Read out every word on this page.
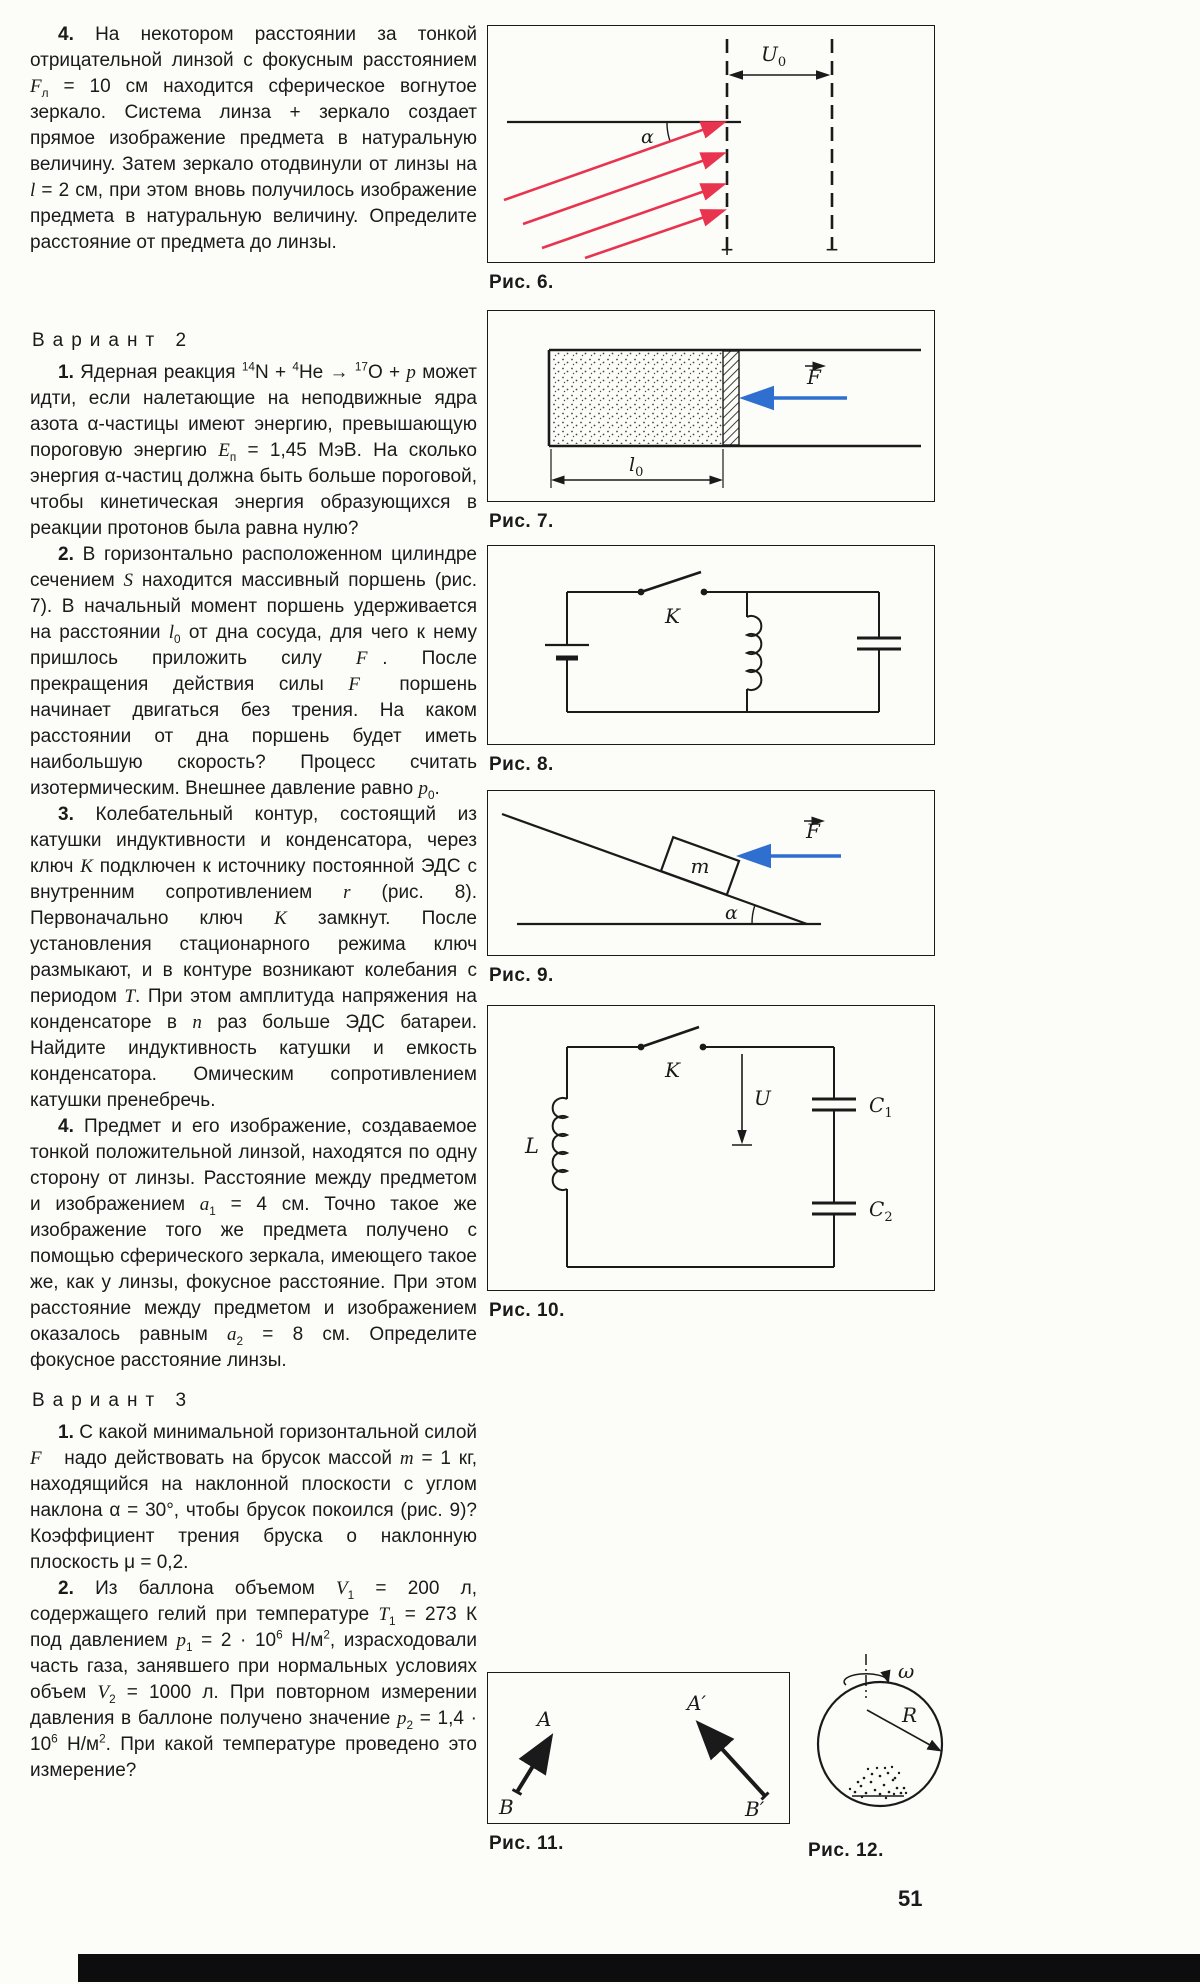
4. На некотором расстоянии за тонкой отрицательной линзой с фокусным расстоянием $F_л = 10$ см находится сферическое вогнутое зеркало. Система линза + зеркало создает прямое изображение предмета в натуральную величину. Затем зеркало отодвинули от линзы на l = 2 см, при этом вновь получилось изображение предмета в натуральную величину. Определите расстояние от предмета до линзы.

Вариант 2

1. Ядерная реакция $^{14}$N + $^4$He → $^{17}$O + p может идти, если налетающие на неподвижные ядра азота α-частицы имеют энергию, превышающую пороговую энергию $E_п = 1,45$ МэВ. На сколько энергия α-частиц должна быть больше пороговой, чтобы кинетическая энергия образующихся в реакции протонов была равна нулю?

2. В горизонтально расположенном цилиндре сечением S находится массивный поршень (рис. 7). В начальный момент поршень удерживается на расстоянии $l_0$ от дна сосуда, для чего к нему пришлось приложить силу F⃗. После прекращения действия силы F⃗ поршень начинает двигаться без трения. На каком расстоянии от дна поршень будет иметь наибольшую скорость? Процесс считать изотермическим. Внешнее давление равно $p_0$.

3. Колебательный контур, состоящий из катушки индуктивности и конденсатора, через ключ K подключен к источнику постоянной ЭДС с внутренним сопротивлением r (рис. 8). Первоначально ключ K замкнут. После установления стационарного режима ключ размыкают, и в контуре возникают колебания с периодом T. При этом амплитуда напряжения на конденсаторе в n раз больше ЭДС батареи. Найдите индуктивность катушки и емкость конденсатора. Омическим сопротивлением катушки пренебречь.

4. Предмет и его изображение, создаваемое тонкой положительной линзой, находятся по одну сторону от линзы. Расстояние между предметом и изображением $a_1 = 4$ см. Точно такое же изображение того же предмета получено с помощью сферического зеркала, имеющего такое же, как у линзы, фокусное расстояние. При этом расстояние между предметом и изображением оказалось равным $a_2 = 8$ см. Определите фокусное расстояние линзы.

Вариант 3

1. С какой минимальной горизонтальной силой F⃗ надо действовать на брусок массой m = 1 кг, находящийся на наклонной плоскости с углом наклона α = 30°, чтобы брусок покоился (рис. 9)? Коэффициент трения бруска о наклонную плоскость μ = 0,2.

2. Из баллона объемом $V_1 = 200$ л, содержащего гелий при температуре $T_1 = 273$ К под давлением $p_1 = 2 \cdot 10^6$ $Н/м^2$, израсходовали часть газа, занявшего при нормальных условиях объем $V_2 = 1000$ л. При повторном измерении давления в баллоне получено значение $p_2 = 1,4 \cdot 10^6$ $Н/м^2$. При какой температуре проведено это измерение?

$U_0$
α
+	−
Рис. 6.
F
$l_0$
Рис. 7.
K
Рис. 8.
α
m
F
Рис. 9.
K
L
$C_1$
$C_2$
U
Рис. 10.
A
B
A′
B′
Рис. 11.
ω
R
Рис. 12.
51
